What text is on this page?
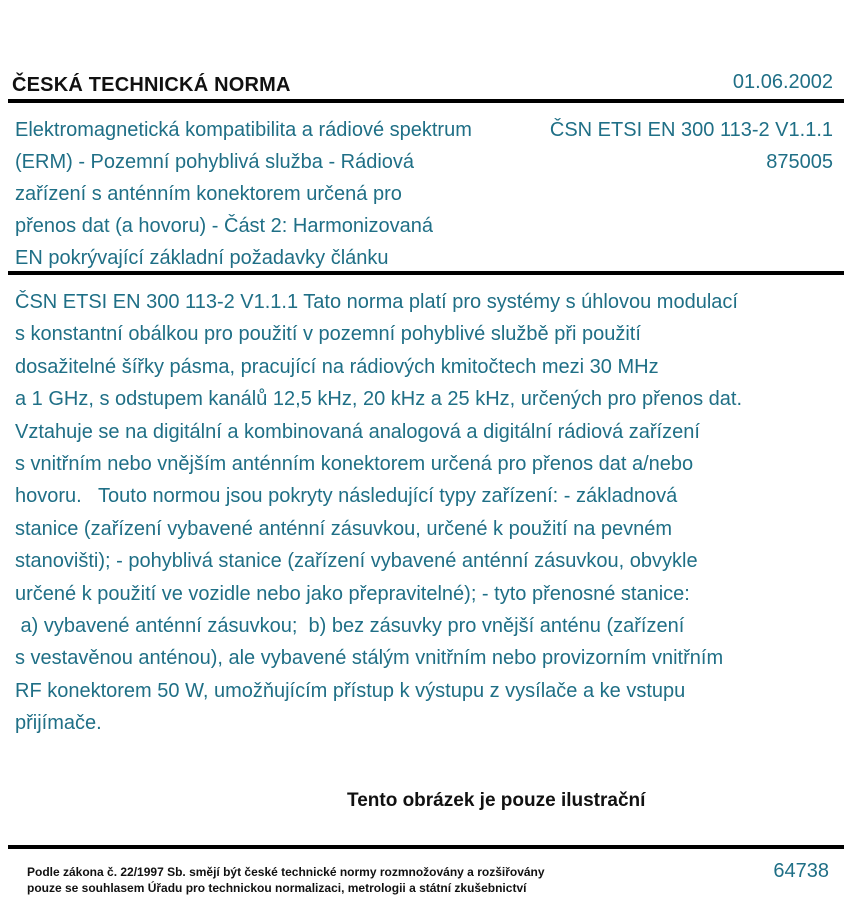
ČESKÁ TECHNICKÁ NORMA	01.06.2002
Elektromagnetická kompatibilita a rádiové spektrum
(ERM) - Pozemní pohyblivá služba - Rádiová
zařízení s anténním konektorem určená pro
přenos dat (a hovoru) - Část 2: Harmonizovaná
EN pokrývající základní požadavky článku
ČSN ETSI EN 300 113-2 V1.1.1
875005
ČSN ETSI EN 300 113-2 V1.1.1 Tato norma platí pro systémy s úhlovou modulací
s konstantní obálkou pro použití v pozemní pohyblivé službě při použití
dosažitelné šířky pásma, pracující na rádiových kmitočtech mezi 30 MHz
a 1 GHz, s odstupem kanálů 12,5 kHz, 20 kHz a 25 kHz, určených pro přenos dat.
Vztahuje se na digitální a kombinovaná analogová a digitální rádiová zařízení
s vnitřním nebo vnějším anténním konektorem určená pro přenos dat a/nebo
hovoru.   Touto normou jsou pokryty následující typy zařízení: - základnová
stanice (zařízení vybavené anténní zásuvkou, určené k použití na pevném
stanovišti); - pohyblivá stanice (zařízení vybavené anténní zásuvkou, obvykle
určené k použití ve vozidle nebo jako přepravitelné); - tyto přenosné stanice:
a) vybavené anténní zásuvkou;  b) bez zásuvky pro vnější anténu (zařízení
s vestavěnou anténou), ale vybavené stálým vnitřním nebo provizorním vnitřním
RF konektorem 50 W, umožňujícím přístup k výstupu z vysílače a ke vstupu
přijímače.
Tento obrázek je pouze ilustrační
Podle zákona č. 22/1997 Sb. smějí být české technické normy rozmnožovány a rozšiřovány
pouze se souhlasem Úřadu pro technickou normalizaci, metrologii a státní zkušebnictví
64738
